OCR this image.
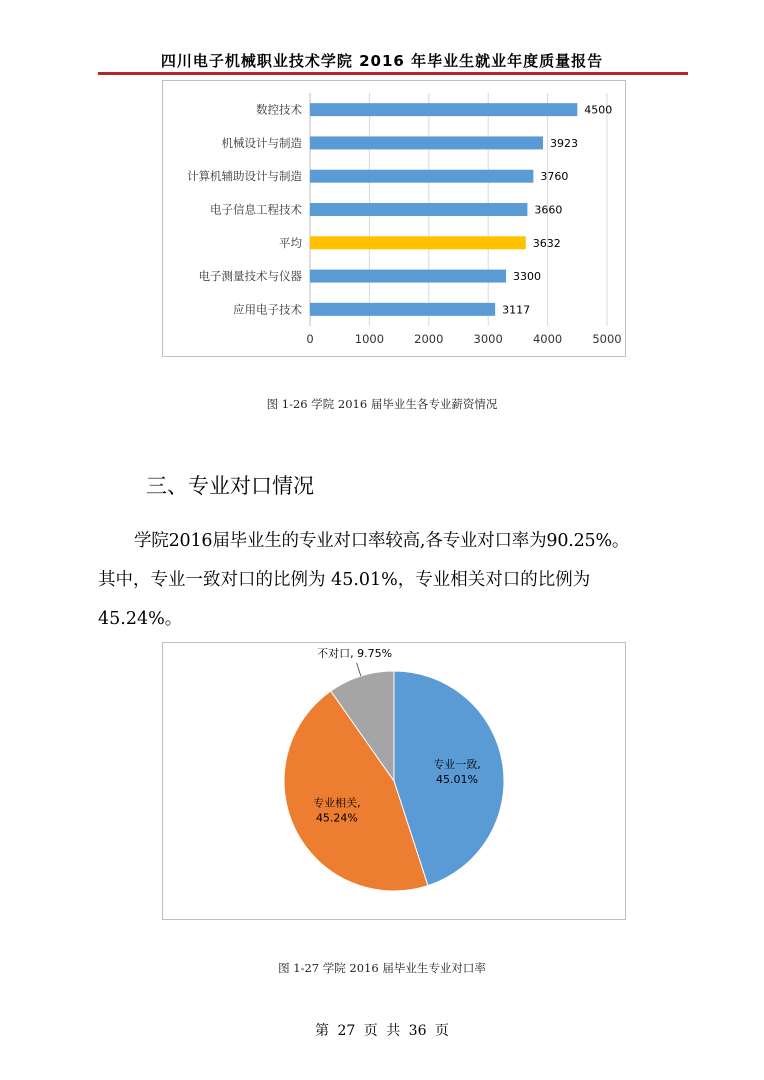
四川电子机械职业技术学院 2016 年毕业生就业年度质量报告
0	1000	2000	3000	4000	5000
数控技术	4500
机械设计与制造	3923
计算机辅助设计与制造	3760
电子信息工程技术	3660
平均	3632
电子测量技术与仪器	3300
应用电子技术	3117
图 1-26 学院 2016 届毕业生各专业薪资情况
三、专业对口情况
学院2016届毕业生的专业对口率较高,各专业对口率为90.25%。
其中，专业一致对口的比例为 45.01%，专业相关对口的比例为
45.24%。
专业一致,
45.01%
专业相关,
45.24%
不对口, 9.75%
图 1-27 学院 2016 届毕业生专业对口率
第 27 页 共 36 页
